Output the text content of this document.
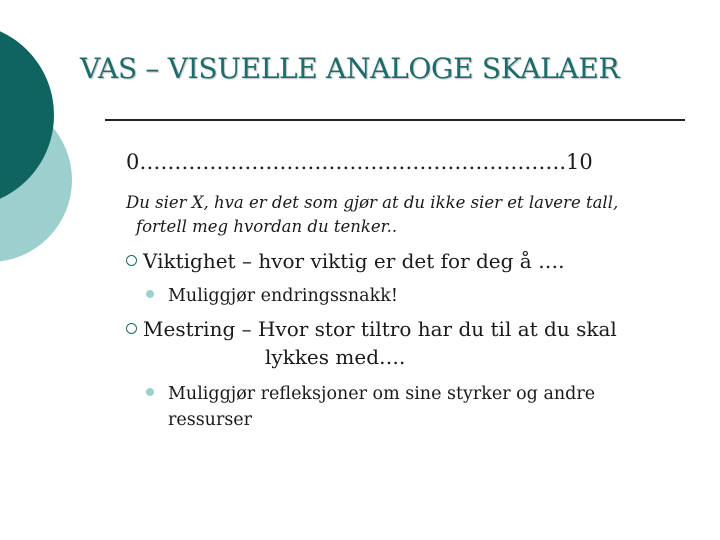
VAS – VISUELLE ANALOGE SKALAER
0…………………………………………………….10
Du sier X, hva er det som gjør at du ikke sier et lavere tall,
fortell meg hvordan du tenker..
Viktighet – hvor viktig er det for deg å ….
Muliggjør endringssnakk!
Mestring – Hvor stor tiltro har du til at du skal
lykkes med….
Muliggjør refleksjoner om sine styrker og andre
ressurser
